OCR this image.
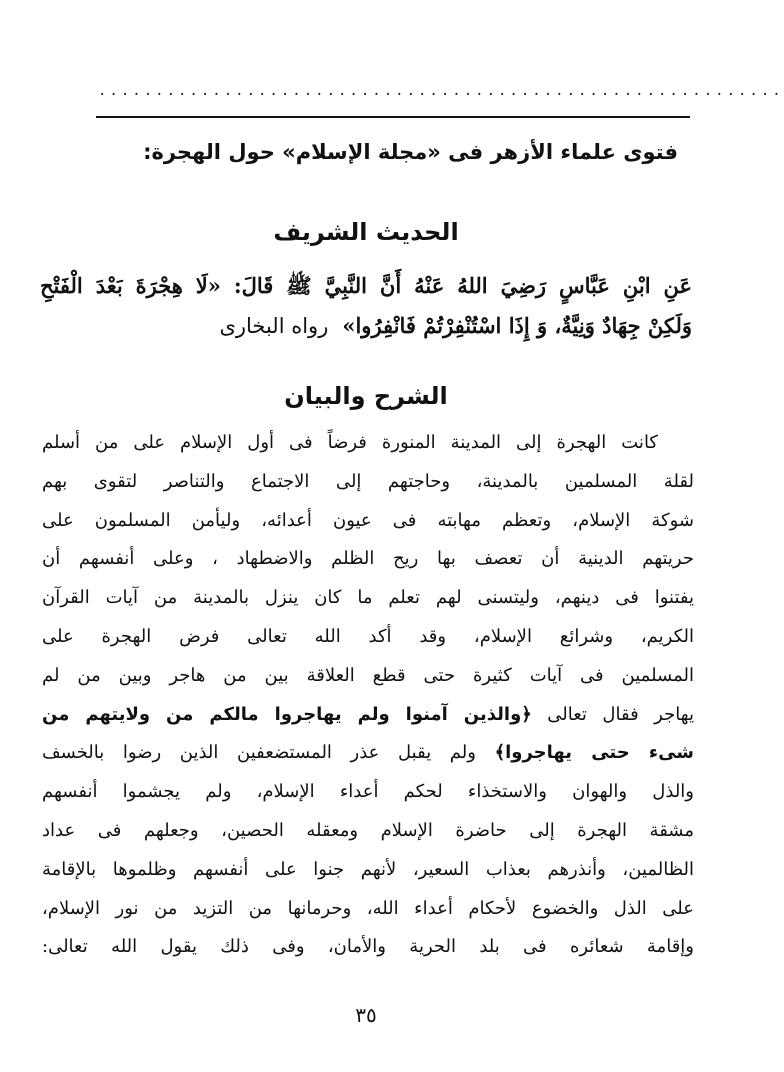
............................................................
فتوى علماء الأزهر فى «مجلة الإسلام» حول الهجرة:
الحديث الشريف
عَنِ ابْنِ عَبَّاسٍ رَضِيَ اللهُ عَنْهُ أَنَّ النَّبِيَّ ﷺ قَالَ: «لَا هِجْرَةَ بَعْدَ الْفَتْحِ
وَلَكِنْ جِهَادٌ وَنِيَّةٌ، وَ إِذَا اسْتُنْفِرْتُمْ فَانْفِرُوا»رواه البخارى
الشرح والبيان
كانت الهجرة إلى المدينة المنورة فرضاً فى أول الإسلام على من أسلم
لقلة المسلمين بالمدينة، وحاجتهم إلى الاجتماع والتناصر لتقوى بهم
شوكة الإسلام، وتعظم مهابته فى عيون أعدائه، وليأمن المسلمون على
حريتهم الدينية أن تعصف بها ريح الظلم والاضطهاد ، وعلى أنفسهم أن
يفتنوا فى دينهم، وليتسنى لهم تعلم ما كان ينزل بالمدينة من آيات القرآن
الكريم، وشرائع الإسلام، وقد أكد الله تعالى فرض الهجرة على
المسلمين فى آيات كثيرة حتى قطع العلاقة بين من هاجر وبين من لم
يهاجر فقال تعالى ﴿والذين آمنوا ولم يهاجروا مالكم من ولايتهم من
شىء حتى يهاجروا﴾ ولم يقبل عذر المستضعفين الذين رضوا بالخسف
والذل والهوان والاستخذاء لحكم أعداء الإسلام، ولم يجشموا أنفسهم
مشقة الهجرة إلى حاضرة الإسلام ومعقله الحصين، وجعلهم فى عداد
الظالمين، وأنذرهم بعذاب السعير، لأنهم جنوا على أنفسهم وظلموها بالإقامة
على الذل والخضوع لأحكام أعداء الله، وحرمانها من التزيد من نور الإسلام،
وإقامة شعائره فى بلد الحرية والأمان، وفى ذلك يقول الله تعالى:
٣٥
